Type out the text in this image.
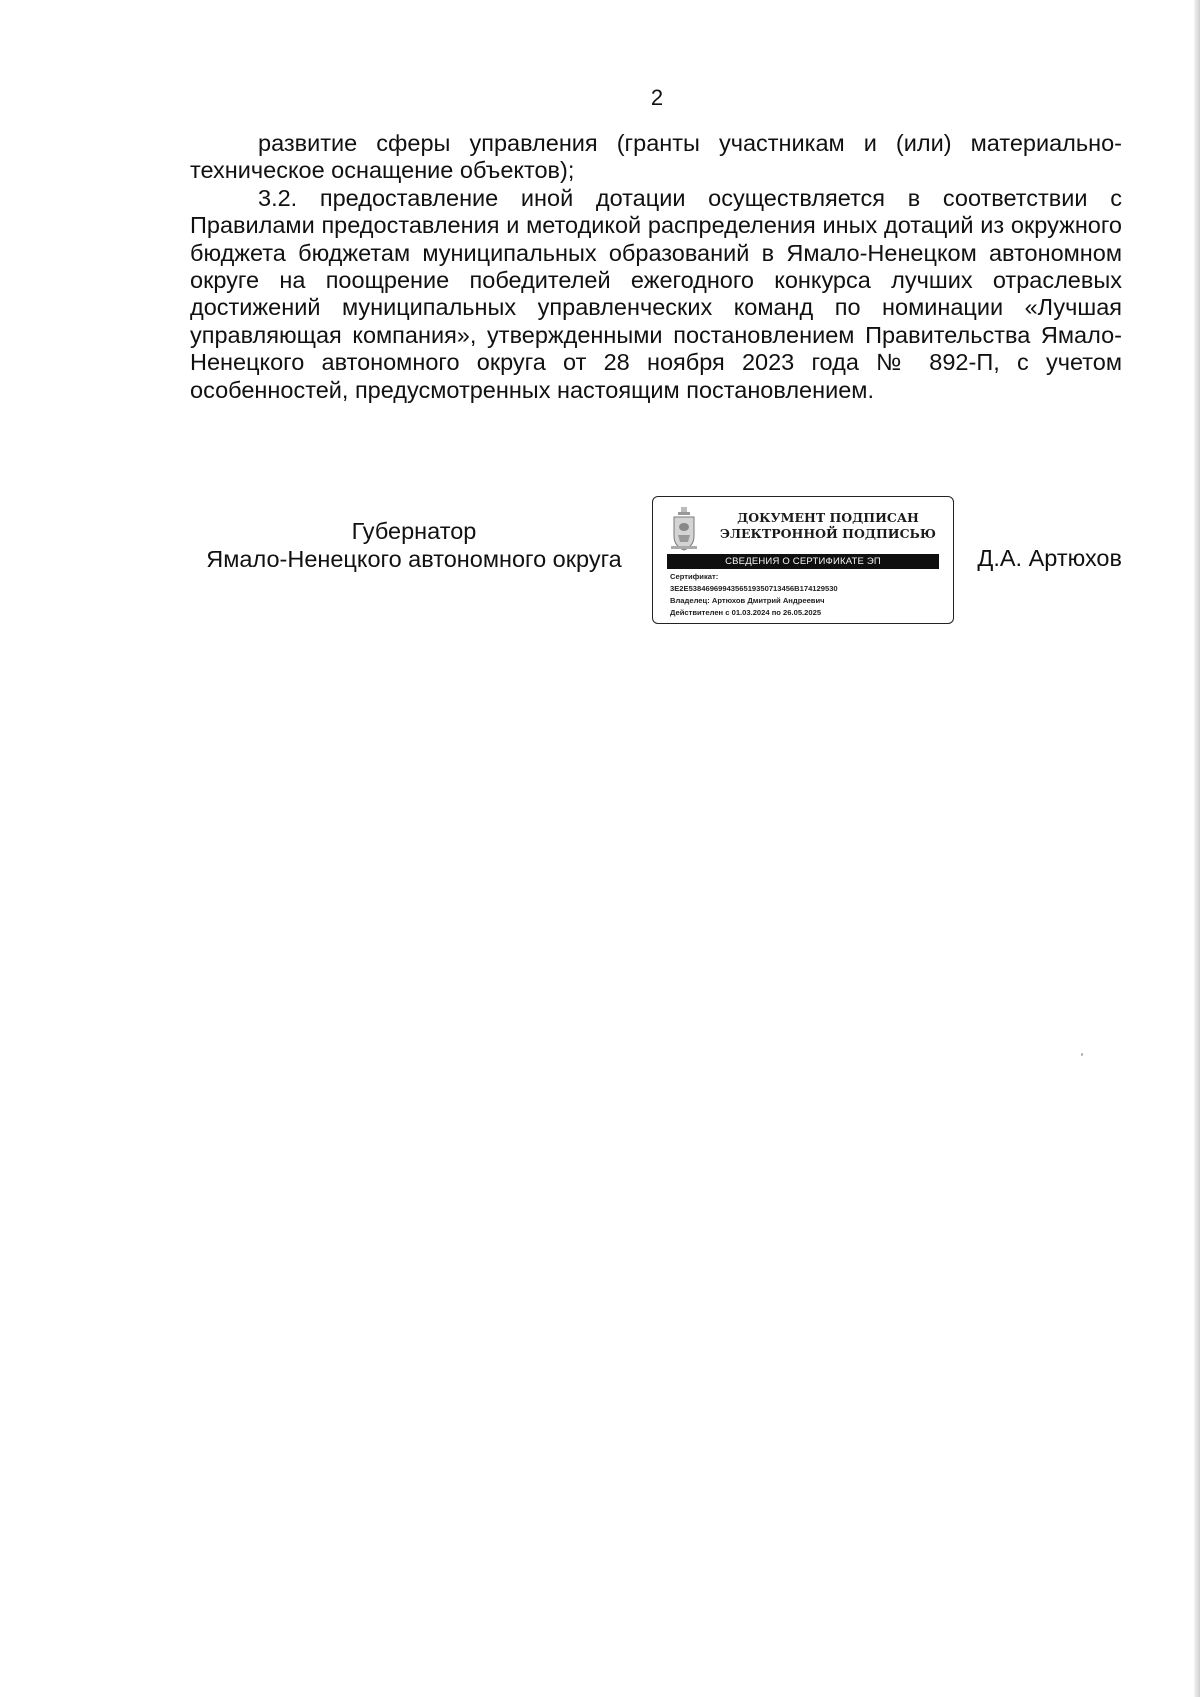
2

развитие сферы управления (гранты участникам и (или) материально-техническое оснащение объектов);

3.2. предоставление иной дотации осуществляется в соответствии с Правилами предоставления и методикой распределения иных дотаций из окружного бюджета бюджетам муниципальных образований в Ямало-Ненецком автономном округе на поощрение победителей ежегодного конкурса лучших отраслевых достижений муниципальных управленческих команд по номинации «Лучшая управляющая компания», утвержденными постановлением Правительства Ямало-Ненецкого автономного округа от 28 ноября 2023 года № 892-П, с учетом особенностей, предусмотренных настоящим постановлением.

Губернатор
Ямало-Ненецкого автономного округа
ДОКУМЕНТ ПОДПИСАН
ЭЛЕКТРОННОЙ ПОДПИСЬЮ
СВЕДЕНИЯ О СЕРТИФИКАТЕ ЭП
Сертификат:
3E2E5384696994356519350713456B174129530
Владелец: Артюхов Дмитрий Андреевич
Действителен с 01.03.2024 по 26.05.2025
Д.А. Артюхов
